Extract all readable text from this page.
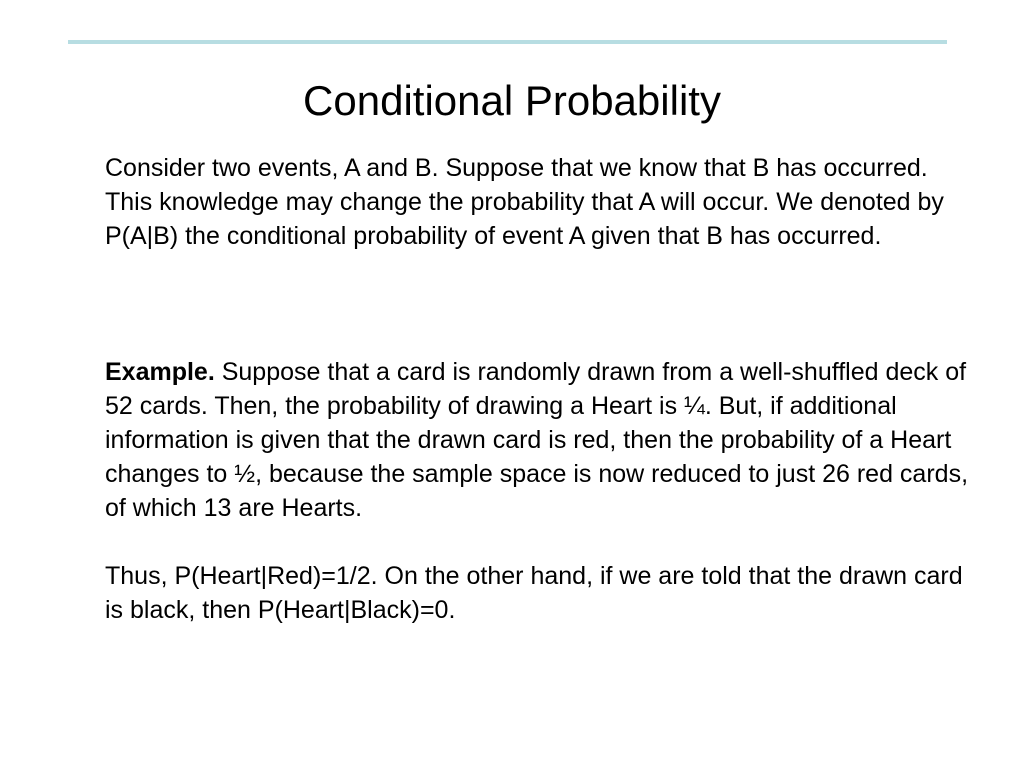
Conditional Probability

Consider two events, A and B. Suppose that we know that B has occurred. This knowledge may change the probability that A will occur. We denoted by P(A|B) the conditional probability of event A given that B has occurred.

Example. Suppose that a card is randomly drawn from a well-shuffled deck of 52 cards. Then, the probability of drawing a Heart is ¼. But, if additional information is given that the drawn card is red, then the probability of a Heart changes to ½, because the sample space is now reduced to just 26 red cards, of which 13 are Hearts.

Thus, P(Heart|Red)=1/2. On the other hand, if we are told that the drawn card is black, then P(Heart|Black)=0.
